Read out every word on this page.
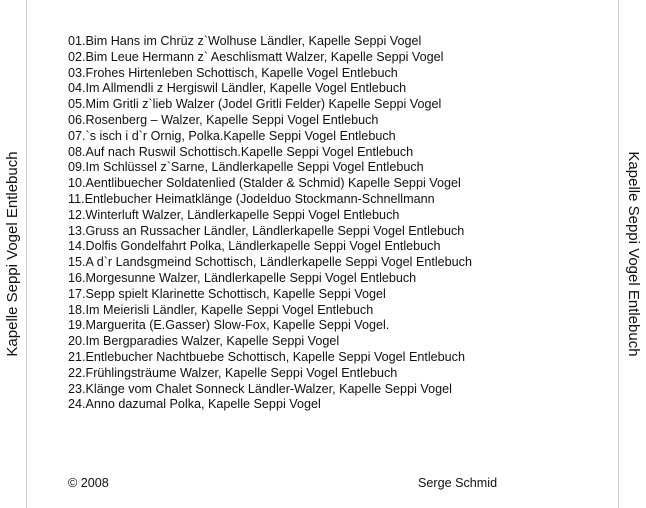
Kapelle Seppi Vogel Entlebuch
01.Bim Hans im Chrüz z`Wolhuse Ländler, Kapelle Seppi Vogel
02.Bim Leue Hermann z` Aeschlismatt Walzer, Kapelle Seppi Vogel
03.Frohes Hirtenleben Schottisch, Kapelle Vogel Entlebuch
04.Im Allmendli z Hergiswil Ländler, Kapelle Vogel Entlebuch
05.Mim Gritli z`lieb Walzer (Jodel Gritli Felder) Kapelle Seppi Vogel
06.Rosenberg – Walzer, Kapelle Seppi Vogel Entlebuch
07.`s isch i d`r Ornig, Polka.Kapelle Seppi Vogel Entlebuch
08.Auf nach Ruswil Schottisch.Kapelle Seppi Vogel Entlebuch
09.Im Schlüssel z`Sarne, Ländlerkapelle Seppi Vogel Entlebuch
10.Aentlibuecher Soldatenlied (Stalder & Schmid) Kapelle Seppi Vogel
11.Entlebucher Heimatklänge (Jodelduo Stockmann-Schnellmann
12.Winterluft Walzer, Ländlerkapelle Seppi Vogel Entlebuch
13.Gruss an Russacher Ländler, Ländlerkapelle Seppi Vogel Entlebuch
14.Dolfis Gondelfahrt Polka, Ländlerkapelle Seppi Vogel Entlebuch
15.A d`r Landsgmeind Schottisch, Ländlerkapelle Seppi Vogel Entlebuch
16.Morgesunne Walzer, Ländlerkapelle Seppi Vogel Entlebuch
17.Sepp spielt Klarinette Schottisch, Kapelle Seppi Vogel
18.Im Meierisli Ländler, Kapelle Seppi Vogel Entlebuch
19.Marguerita (E.Gasser) Slow-Fox, Kapelle Seppi Vogel.
20.Im Bergparadies Walzer, Kapelle Seppi Vogel
21.Entlebucher Nachtbuebe Schottisch, Kapelle Seppi Vogel Entlebuch
22.Frühlingsträume Walzer, Kapelle Seppi Vogel Entlebuch
23.Klänge vom Chalet Sonneck Ländler-Walzer, Kapelle Seppi Vogel
24.Anno dazumal Polka, Kapelle Seppi Vogel
© 2008	Serge Schmid
Kapelle Seppi Vogel Entlebuch
